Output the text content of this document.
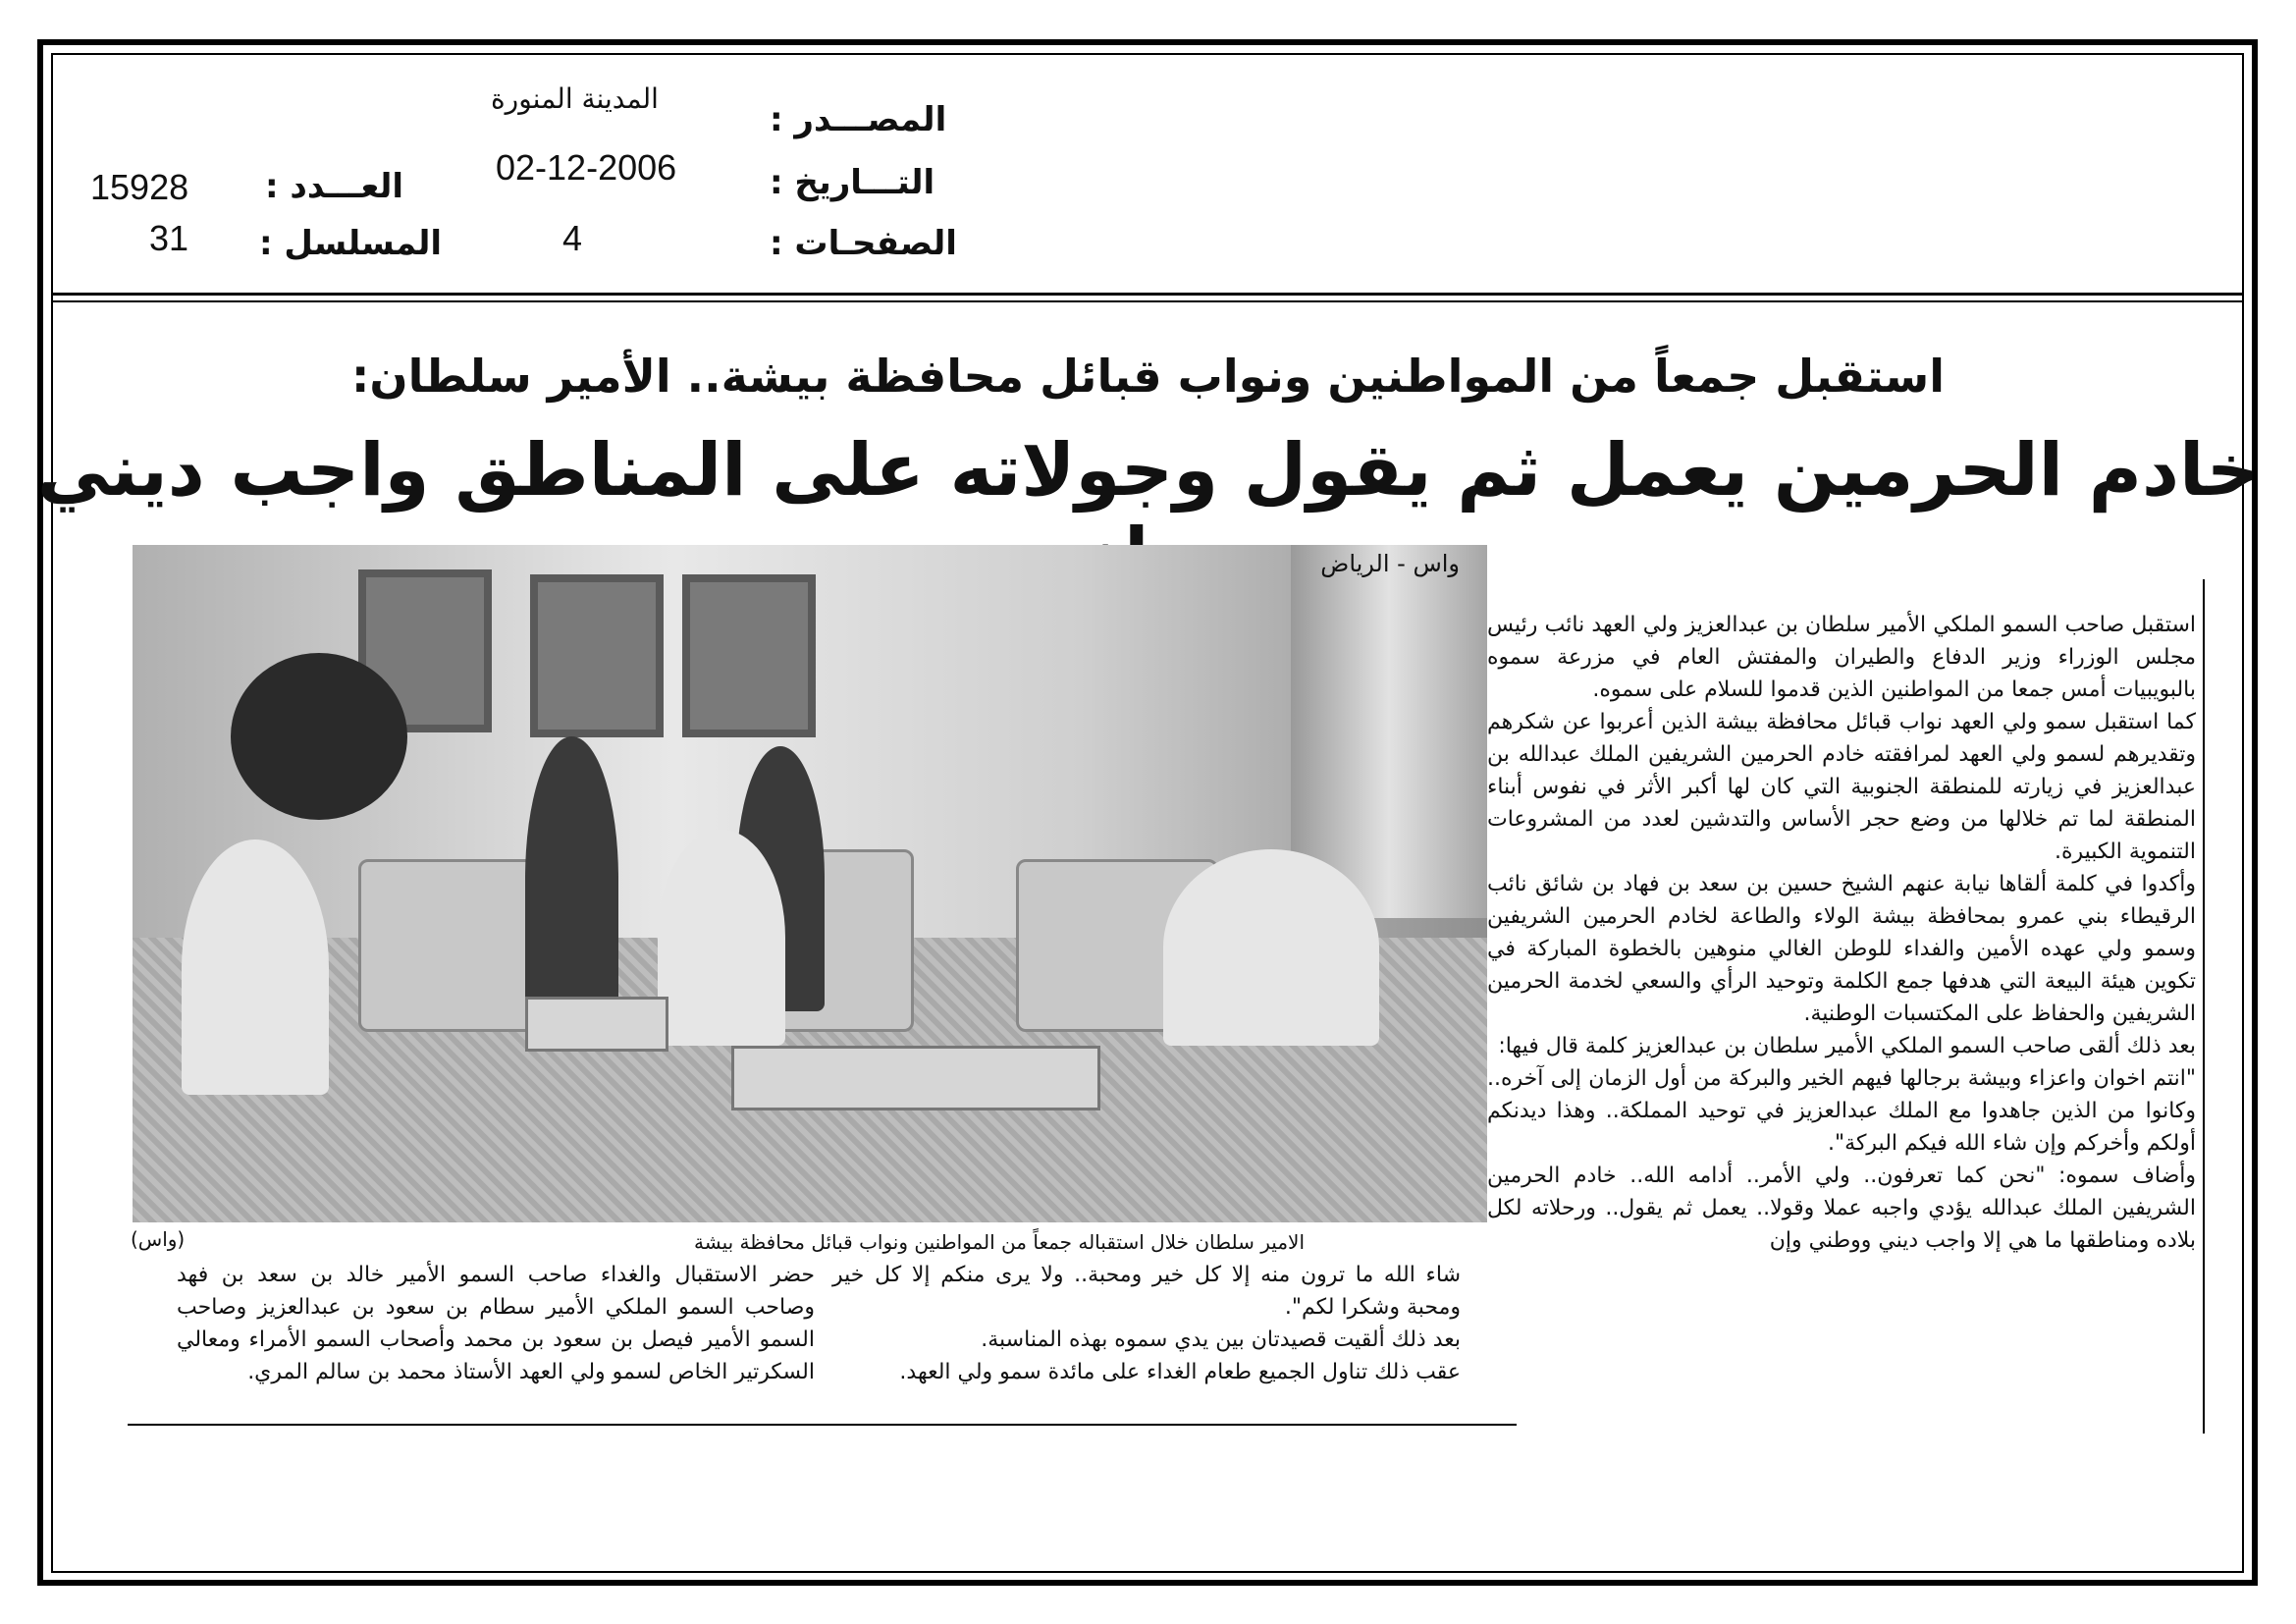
المدينة المنورة
المصـــدر :
02-12-2006	التـــاريخ :
4	الصفحـات :
15928 العـــدد :
31 المسلسل :
استقبل جمعاً من المواطنين ونواب قبائل محافظة بيشة.. الأمير سلطان:
خادم الحرمين يعمل ثم يقول وجولاته على المناطق واجب ديني
الامير سلطان خلال استقباله جمعاً من المواطنين ونواب قبائل محافظة بيشة
(واس)
واس - الرياض

استقبل صاحب السمو الملكي الأمير سلطان بن عبدالعزيز ولي العهد نائب رئيس مجلس الوزراء وزير الدفاع والطيران والمفتش العام في مزرعة سموه بالبويبيات أمس جمعا من المواطنين الذين قدموا للسلام على سموه.

كما استقبل سمو ولي العهد نواب قبائل محافظة بيشة الذين أعربوا عن شكرهم وتقديرهم لسمو ولي العهد لمرافقته خادم الحرمين الشريفين الملك عبدالله بن عبدالعزيز في زيارته للمنطقة الجنوبية التي كان لها أكبر الأثر في نفوس أبناء المنطقة لما تم خلالها من وضع حجر الأساس والتدشين لعدد من المشروعات التنموية الكبيرة.

وأكدوا في كلمة ألقاها نيابة عنهم الشيخ حسين بن سعد بن فهاد بن شائق نائب الرقيطاء بني عمرو بمحافظة بيشة الولاء والطاعة لخادم الحرمين الشريفين وسمو ولي عهده الأمين والفداء للوطن الغالي منوهين بالخطوة المباركة في تكوين هيئة البيعة التي هدفها جمع الكلمة وتوحيد الرأي والسعي لخدمة الحرمين الشريفين والحفاظ على المكتسبات الوطنية.

بعد ذلك ألقى صاحب السمو الملكي الأمير سلطان بن عبدالعزيز كلمة قال فيها:

"انتم اخوان واعزاء وبيشة برجالها فيهم الخير والبركة من أول الزمان إلى آخره.. وكانوا من الذين جاهدوا مع الملك عبدالعزيز في توحيد المملكة.. وهذا ديدنكم أولكم وأخركم وإن شاء الله فيكم البركة".

وأضاف سموه: "نحن كما تعرفون.. ولي الأمر.. أدامه الله.. خادم الحرمين الشريفين الملك عبدالله يؤدي واجبه عملا وقولا.. يعمل ثم يقول.. ورحلاته لكل بلاده ومناطقها ما هي إلا واجب ديني ووطني وإن

شاء الله ما ترون منه إلا كل خير ومحبة.. ولا يرى منكم إلا كل خير ومحبة وشكرا لكم".

بعد ذلك ألقيت قصيدتان بين يدي سموه بهذه المناسبة.

عقب ذلك تناول الجميع طعام الغداء على مائدة سمو ولي العهد.

حضر الاستقبال والغداء صاحب السمو الأمير خالد بن سعد بن فهد وصاحب السمو الملكي الأمير سطام بن سعود بن عبدالعزيز وصاحب السمو الأمير فيصل بن سعود بن محمد وأصحاب السمو الأمراء ومعالي السكرتير الخاص لسمو ولي العهد الأستاذ محمد بن سالم المري.
